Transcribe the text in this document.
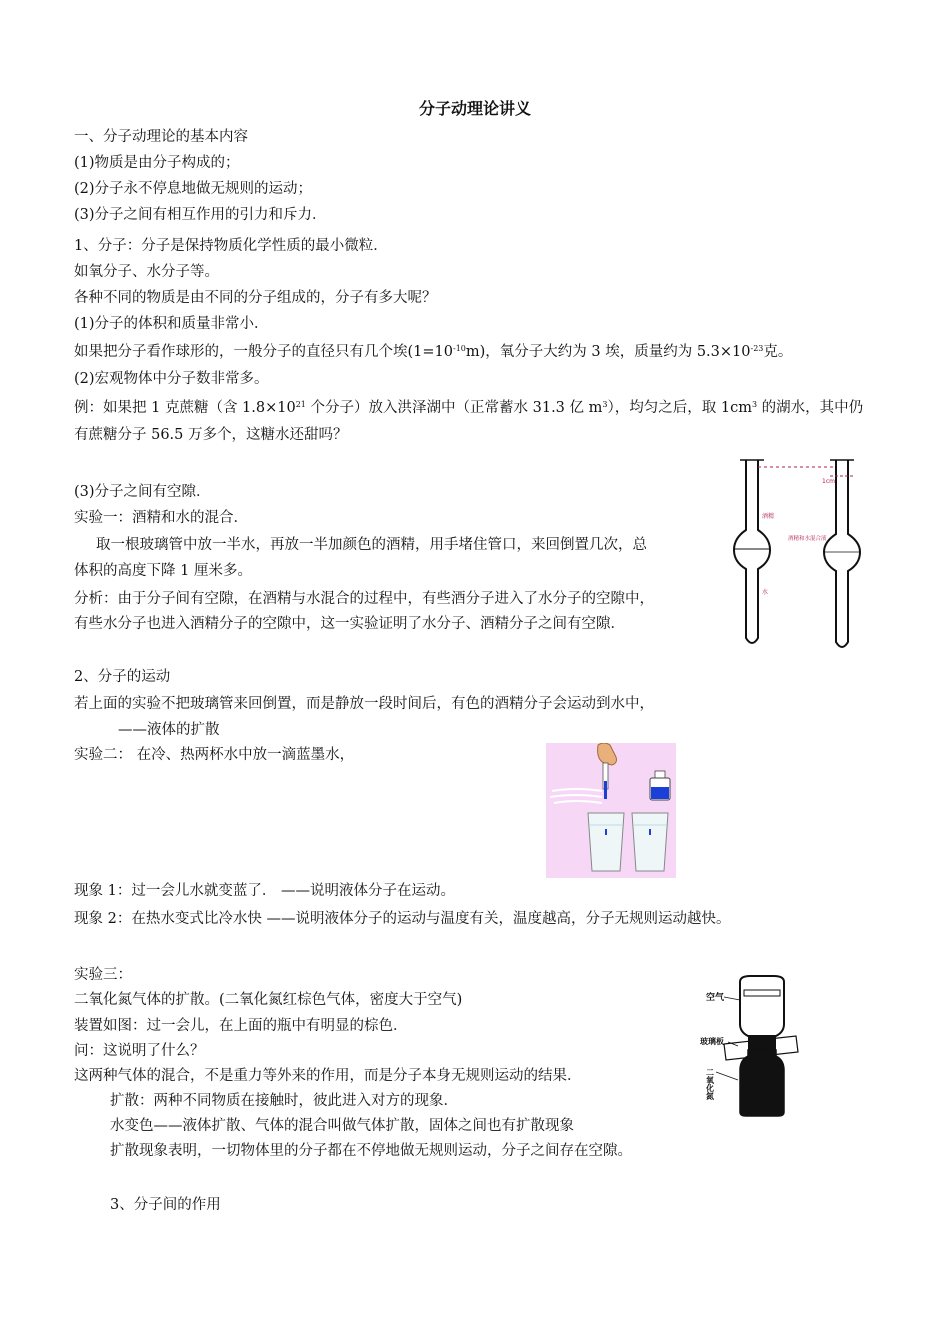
分子动理论讲义
一、分子动理论的基本内容
(1)物质是由分子构成的；
(2)分子永不停息地做无规则的运动；
(3)分子之间有相互作用的引力和斥力．
1、分子：分子是保持物质化学性质的最小微粒．
如氧分子、水分子等。
各种不同的物质是由不同的分子组成的，分子有多大呢？
(1)分子的体积和质量非常小．
如果把分子看作球形的，一般分子的直径只有几个埃$(1=10^{-10}m)$，氧分子大约为 3 埃，质量约为 $5.3\times 10^{-23}$克。
(2)宏观物体中分子数非常多。
例：如果把 1 克蔗糖（含 $1.8\times 10^{21}$ 个分子）放入洪泽湖中（正常蓄水 31.3 亿 $m^3$），均匀之后，取 $1cm^3$ 的湖水，其中仍
有蔗糖分子 56.5 万多个，这糖水还甜吗？
(3)分子之间有空隙．
实验一：酒精和水的混合．
取一根玻璃管中放一半水，再放一半加颜色的酒精，用手堵住管口，来回倒置几次，总
体积的高度下降 1 厘米多。
分析：由于分子间有空隙，在酒精与水混合的过程中，有些酒分子进入了水分子的空隙中，
有些水分子也进入酒精分子的空隙中，这一实验证明了水分子、酒精分子之间有空隙．
1cm
酒精
酒精和水混合液
水
2、分子的运动
若上面的实验不把玻璃管来回倒置，而是静放一段时间后，有色的酒精分子会运动到水中，
——液体的扩散
实验二： 在冷、热两杯水中放一滴蓝墨水，
现象 1：过一会儿水就变蓝了． ——说明液体分子在运动。
现象 2：在热水变式比冷水快 ——说明液体分子的运动与温度有关，温度越高，分子无规则运动越快。
实验三：
二氧化氮气体的扩散。(二氧化氮红棕色气体，密度大于空气)
装置如图：过一会儿，在上面的瓶中有明显的棕色．
问：这说明了什么？
这两种气体的混合，不是重力等外来的作用，而是分子本身无规则运动的结果．
扩散：两种不同物质在接触时，彼此进入对方的现象．
水变色——液体扩散、气体的混合叫做气体扩散，固体之间也有扩散现象
扩散现象表明，一切物体里的分子都在不停地做无规则运动，分子之间存在空隙。
空气
玻璃板
二氧化氮
3、分子间的作用
